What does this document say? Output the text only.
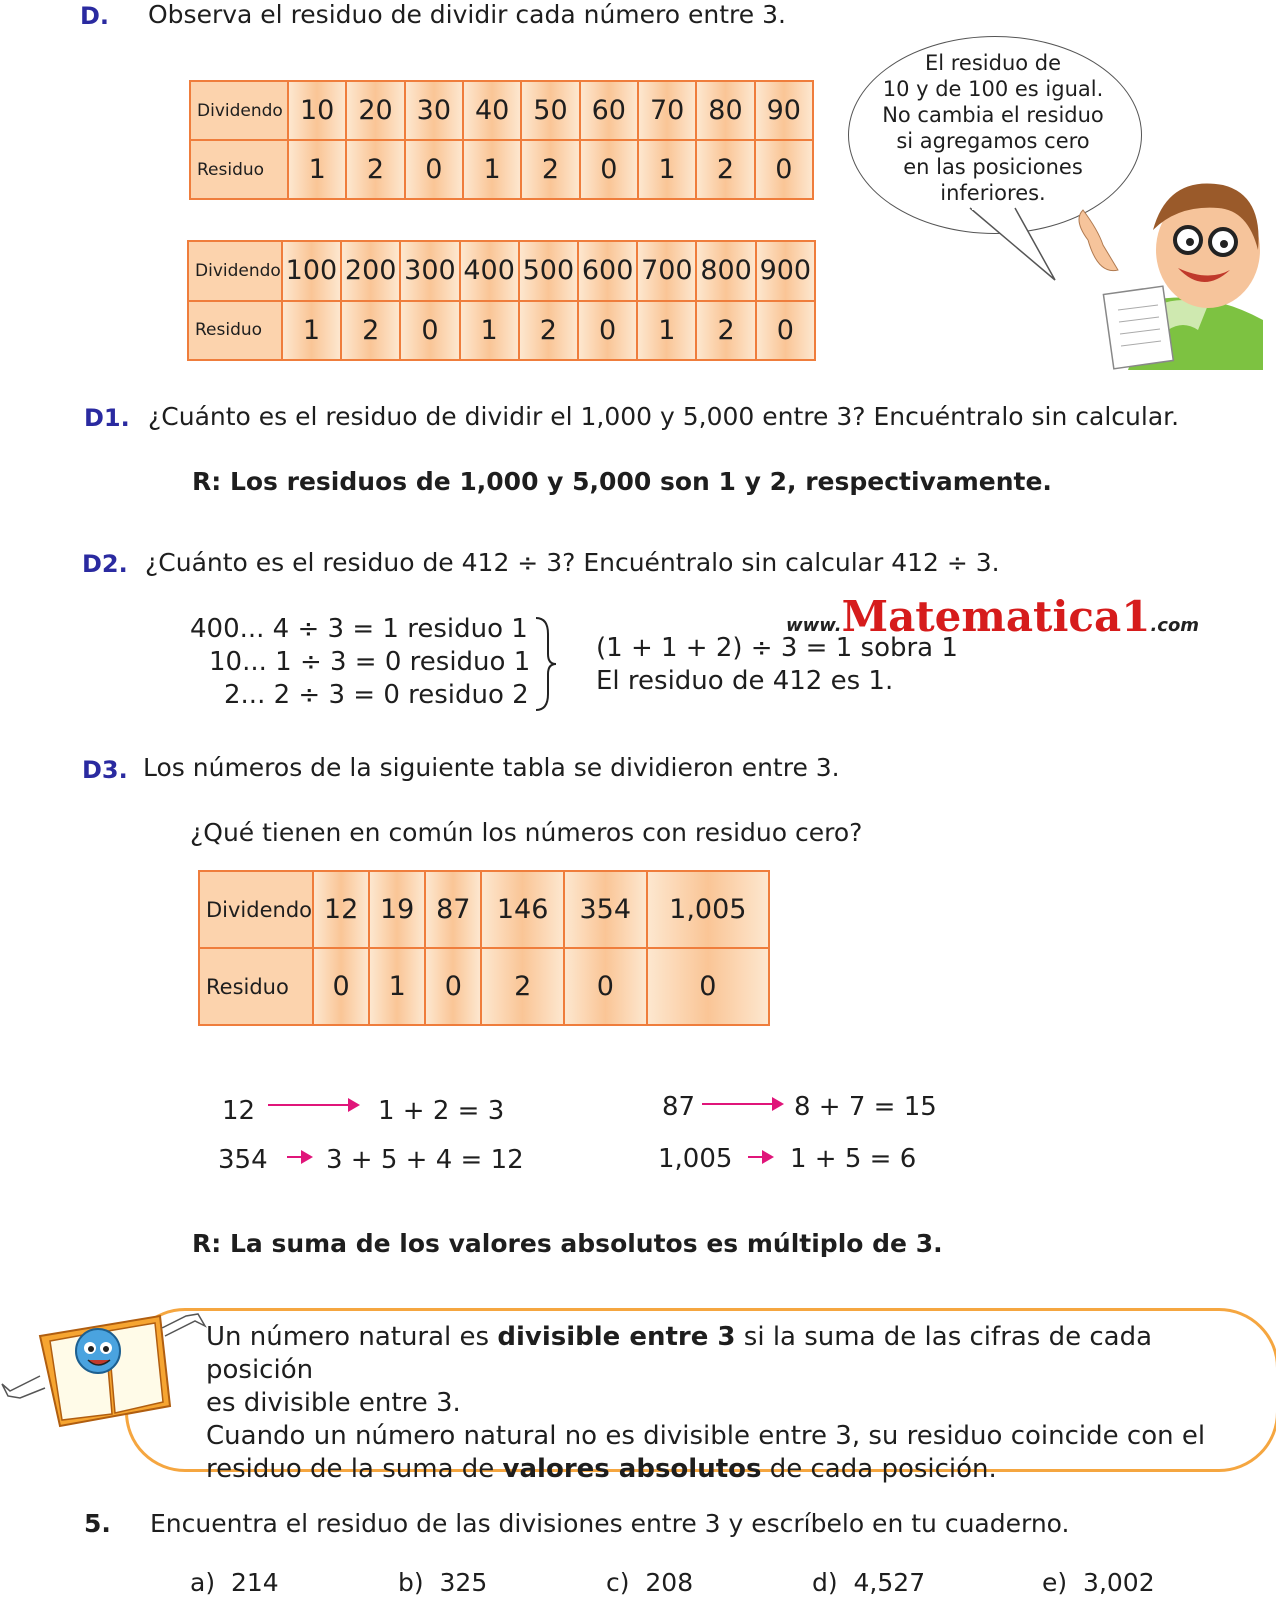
D. Observa el residuo de dividir cada número entre 3.
Dividendo	10	20	30	40	50	60	70	80	90
Residuo	1	2	0	1	2	0	1	2	0
Dividendo	100	200	300	400	500	600	700	800	900
Residuo	1	2	0	1	2	0	1	2	0
El residuo de
10 y de 100 es igual.
No cambia el residuo
si agregamos cero
en las posiciones
inferiores.
D1. ¿Cuánto es el residuo de dividir el 1,000 y 5,000 entre 3? Encuéntralo sin calcular.
R: Los residuos de 1,000 y 5,000 son 1 y 2, respectivamente.
D2. ¿Cuánto es el residuo de 412 ÷ 3? Encuéntralo sin calcular 412 ÷ 3.
400... 4 ÷ 3 = 1 residuo 1
10... 1 ÷ 3 = 0 residuo 1
2... 2 ÷ 3 = 0 residuo 2
(1 + 1 + 2) ÷ 3 = 1 sobra 1
El residuo de 412 es 1.
www.Matematica1.com
D3. Los números de la siguiente tabla se dividieron entre 3.
¿Qué tienen en común los números con residuo cero?
Dividendo	12	19	87	146	354	1,005
Residuo	0	1	0	2	0	0
12	1 + 2 = 3	87	8 + 7 = 15
354 3 + 5 + 4 = 12	1,005 1 + 5 = 6
R: La suma de los valores absolutos es múltiplo de 3.
Un número natural es divisible entre 3 si la suma de las cifras de cada posición
es divisible entre 3.
Cuando un número natural no es divisible entre 3, su residuo coincide con el
residuo de la suma de valores absolutos de cada posición.
5. Encuentra el residuo de las divisiones entre 3 y escríbelo en tu cuaderno.
a) 214	b) 325	c) 208	d) 4,527	e) 3,002
